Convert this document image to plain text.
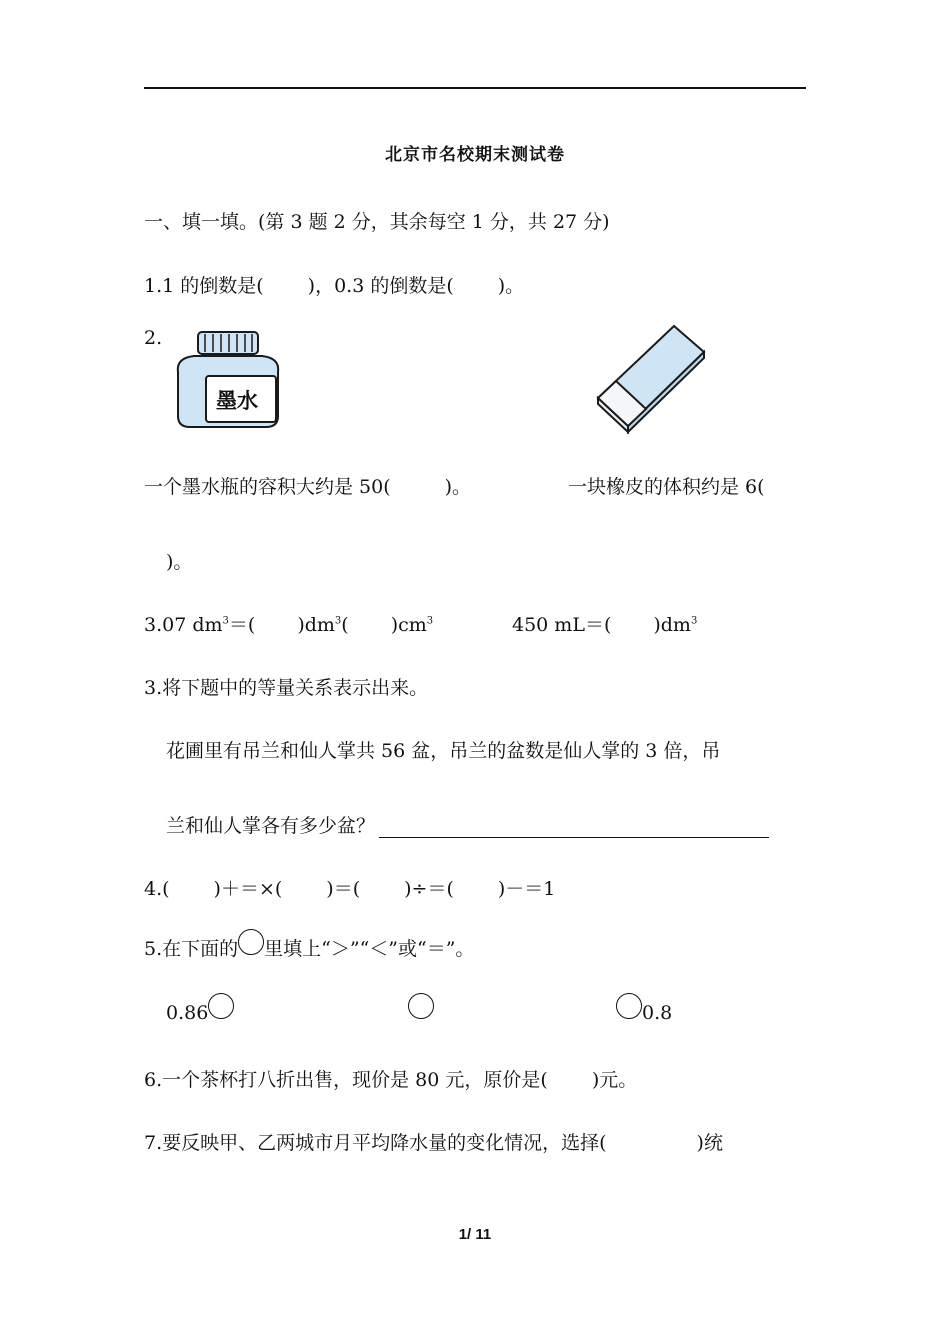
北京市名校期末测试卷
一、填一填。(第 3 题 2 分，其余每空 1 分，共 27 分)
1.1 的倒数是( )，0.3 的倒数是( )。
2.
墨水
一个墨水瓶的容积大约是 50(	)。	一块橡皮的体积约是 6(
)。
3.07 $dm^3=$( )$dm^3$( )$cm^3$	450 mL＝( )$dm^3$
3.将下题中的等量关系表示出来。
花圃里有吊兰和仙人掌共 56 盆，吊兰的盆数是仙人掌的 3 倍，吊
兰和仙人掌各有多少盆？
4.( )＋＝×( )＝( )÷＝( )－＝1
5.在下面的 里填上“＞”“＜”或“＝”。
0.86	0.8
6.一个茶杯打八折出售，现价是 80 元，原价是( )元。
7.要反映甲、乙两城市月平均降水量的变化情况，选择(	)统
1/ 11
